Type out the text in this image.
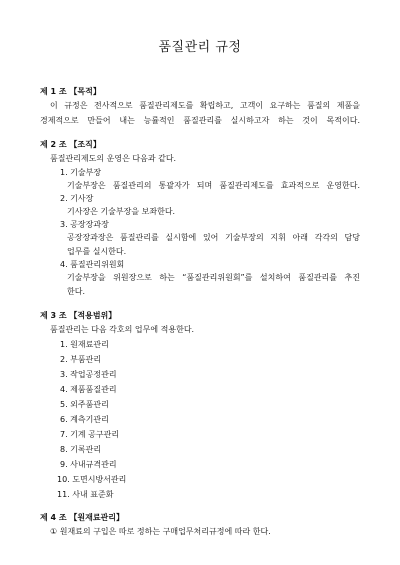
품질관리 규정
제 1 조 【목적】
이 규정은 전사적으로 품질관리제도를 확립하고, 고객이 요구하는 품질의 제품을
경제적으로 만들어 내는 능률적인 품질관리를 실시하고자 하는 것이 목적이다.
제 2 조 【조직】
품질관리제도의 운영은 다음과 같다.
1. 기술부장
기술부장은 품질관리의 통괄자가 되며 품질관리제도를 효과적으로 운영한다.
2. 기사장
기사장은 기술부장을 보좌한다.
3. 공장장과장
공장장과장은 품질관리를 실시함에 있어 기술부장의 지휘 아래 각각의 담당
업무를 실시한다.
4. 품질관리위원회
기술부장을 위원장으로 하는 “품질관리위원회”를 설치하여 품질관리를 추진
한다.
제 3 조 【적용범위】
품질관리는 다음 각호의 업무에 적용한다.
1. 원재료관리
2. 부품관리
3. 작업공정관리
4. 제품품질관리
5. 외주품관리
6. 계측기관리
7. 기계 공구관리
8. 기록관리
9. 사내규격관리
10. 도면시방서관리
11. 사내 표준화
제 4 조 【원재료관리】
① 원재료의 구입은 따로 정하는 구매업무처리규정에 따라 한다.
